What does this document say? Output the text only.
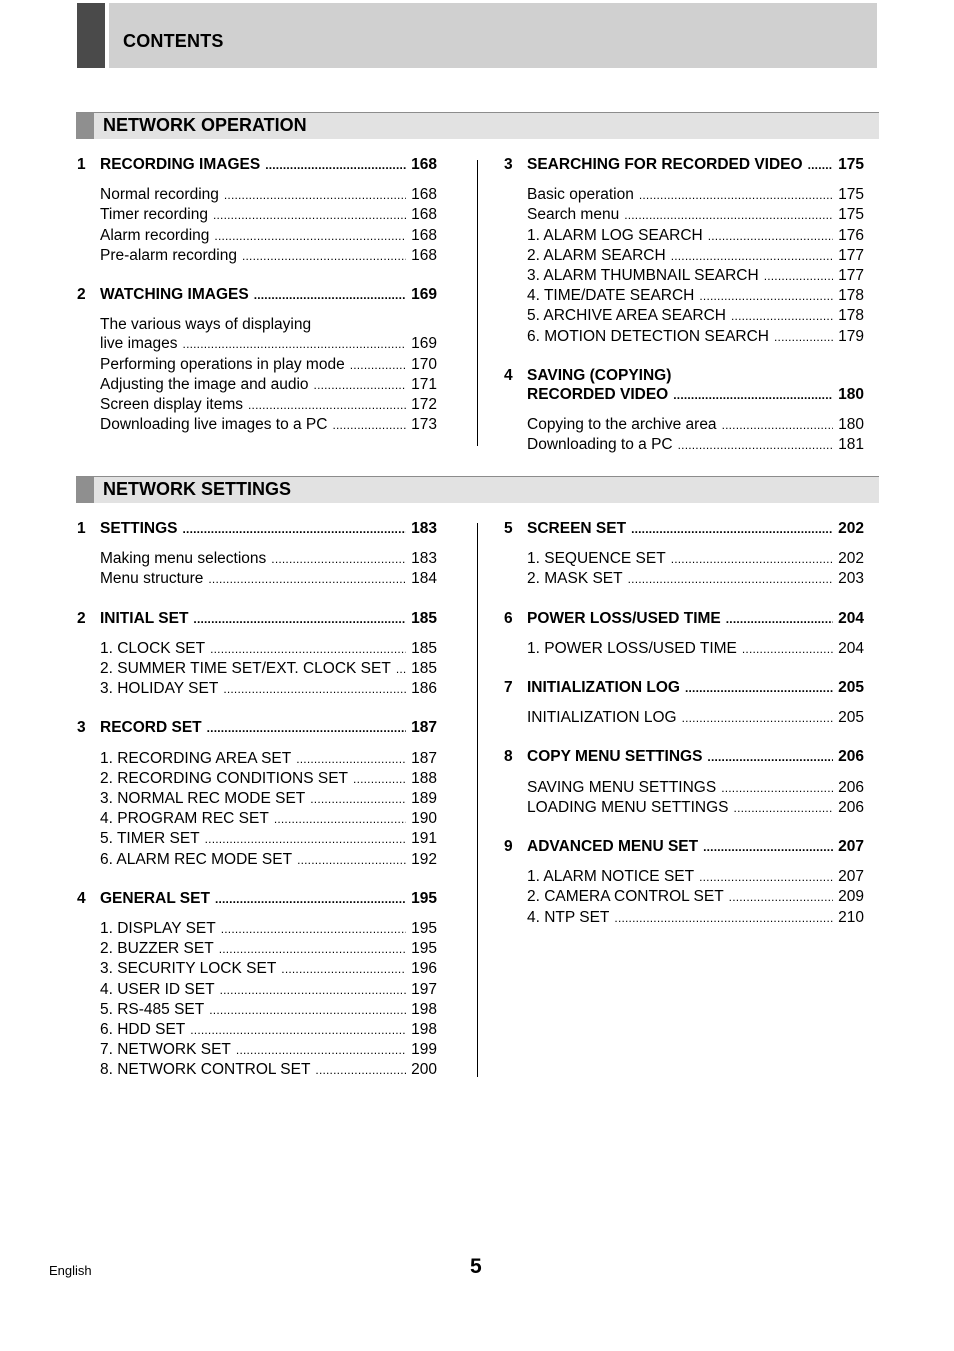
CONTENTS
NETWORK OPERATION
1 RECORDING IMAGES .....	168
Normal recording .....	168
Timer recording .....	168
Alarm recording .....	168
Pre-alarm recording .....	168
2 WATCHING IMAGES .....	169
The various ways of displaying
live images .....	169
Performing operations in play mode .....	170
Adjusting the image and audio .....	171
Screen display items .....	172
Downloading live images to a PC .....	173
3 SEARCHING FOR RECORDED VIDEO ..... 175
Basic operation .....	175
Search menu .....	175
1. ALARM LOG SEARCH .....	176
2. ALARM SEARCH .....	177
3. ALARM THUMBNAIL SEARCH .....	177
4. TIME/DATE SEARCH .....	178
5. ARCHIVE AREA SEARCH .....	178
6. MOTION DETECTION SEARCH .....	179
4 SAVING (COPYING)
RECORDED VIDEO .....	180
Copying to the archive area .....	180
Downloading to a PC .....	181
NETWORK SETTINGS
1 SETTINGS .....	183
Making menu selections .....	183
Menu structure .....	184
2 INITIAL SET .....	185
1. CLOCK SET .....	185
2. SUMMER TIME SET/EXT. CLOCK SET ..... 185
3. HOLIDAY SET .....	186
3 RECORD SET .....	187
1. RECORDING AREA SET .....	187
2. RECORDING CONDITIONS SET .....	188
3. NORMAL REC MODE SET .....	189
4. PROGRAM REC SET .....	190
5. TIMER SET .....	191
6. ALARM REC MODE SET .....	192
4 GENERAL SET .....	195
1. DISPLAY SET .....	195
2. BUZZER SET .....	195
3. SECURITY LOCK SET .....	196
4. USER ID SET .....	197
5. RS-485 SET .....	198
6. HDD SET .....	198
7. NETWORK SET .....	199
8. NETWORK CONTROL SET .....	200
5 SCREEN SET .....	202
1. SEQUENCE SET .....	202
2. MASK SET .....	203
6 POWER LOSS/USED TIME .....	204
1. POWER LOSS/USED TIME .....	204
7 INITIALIZATION LOG .....	205
INITIALIZATION LOG .....	205
8 COPY MENU SETTINGS .....	206
SAVING MENU SETTINGS .....	206
LOADING MENU SETTINGS .....	206
9 ADVANCED MENU SET .....	207
1. ALARM NOTICE SET .....	207
2. CAMERA CONTROL SET .....	209
4. NTP SET .....	210
English	5
